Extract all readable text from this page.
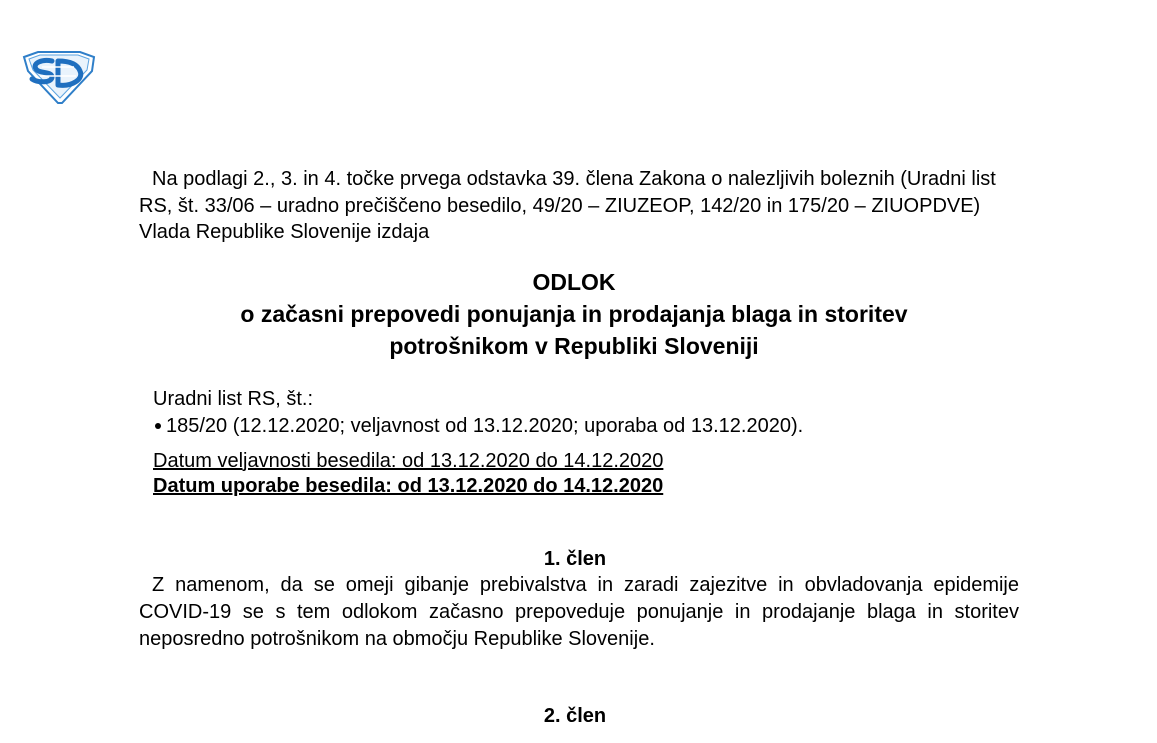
Na podlagi 2., 3. in 4. točke prvega odstavka 39. člena Zakona o nalezljivih boleznih (Uradni list RS, št. 33/06 – uradno prečiščeno besedilo, 49/20 – ZIUZEOP, 142/20 in 175/20 – ZIUOPDVE) Vlada Republike Slovenije izdaja

ODLOK
o začasni prepovedi ponujanja in prodajanja blaga in storitev
potrošnikom v Republiki Sloveniji
Uradni list RS, št.:
185/20 (12.12.2020; veljavnost od 13.12.2020; uporaba od 13.12.2020).
Datum veljavnosti besedila: od 13.12.2020 do 14.12.2020
Datum uporabe besedila: od 13.12.2020 do 14.12.2020
1. člen

Z namenom, da se omeji gibanje prebivalstva in zaradi zajezitve in obvladovanja epidemije COVID-19 se s tem odlokom začasno prepoveduje ponujanje in prodajanje blaga in storitev neposredno potrošnikom na območju Republike Slovenije.

2. člen
